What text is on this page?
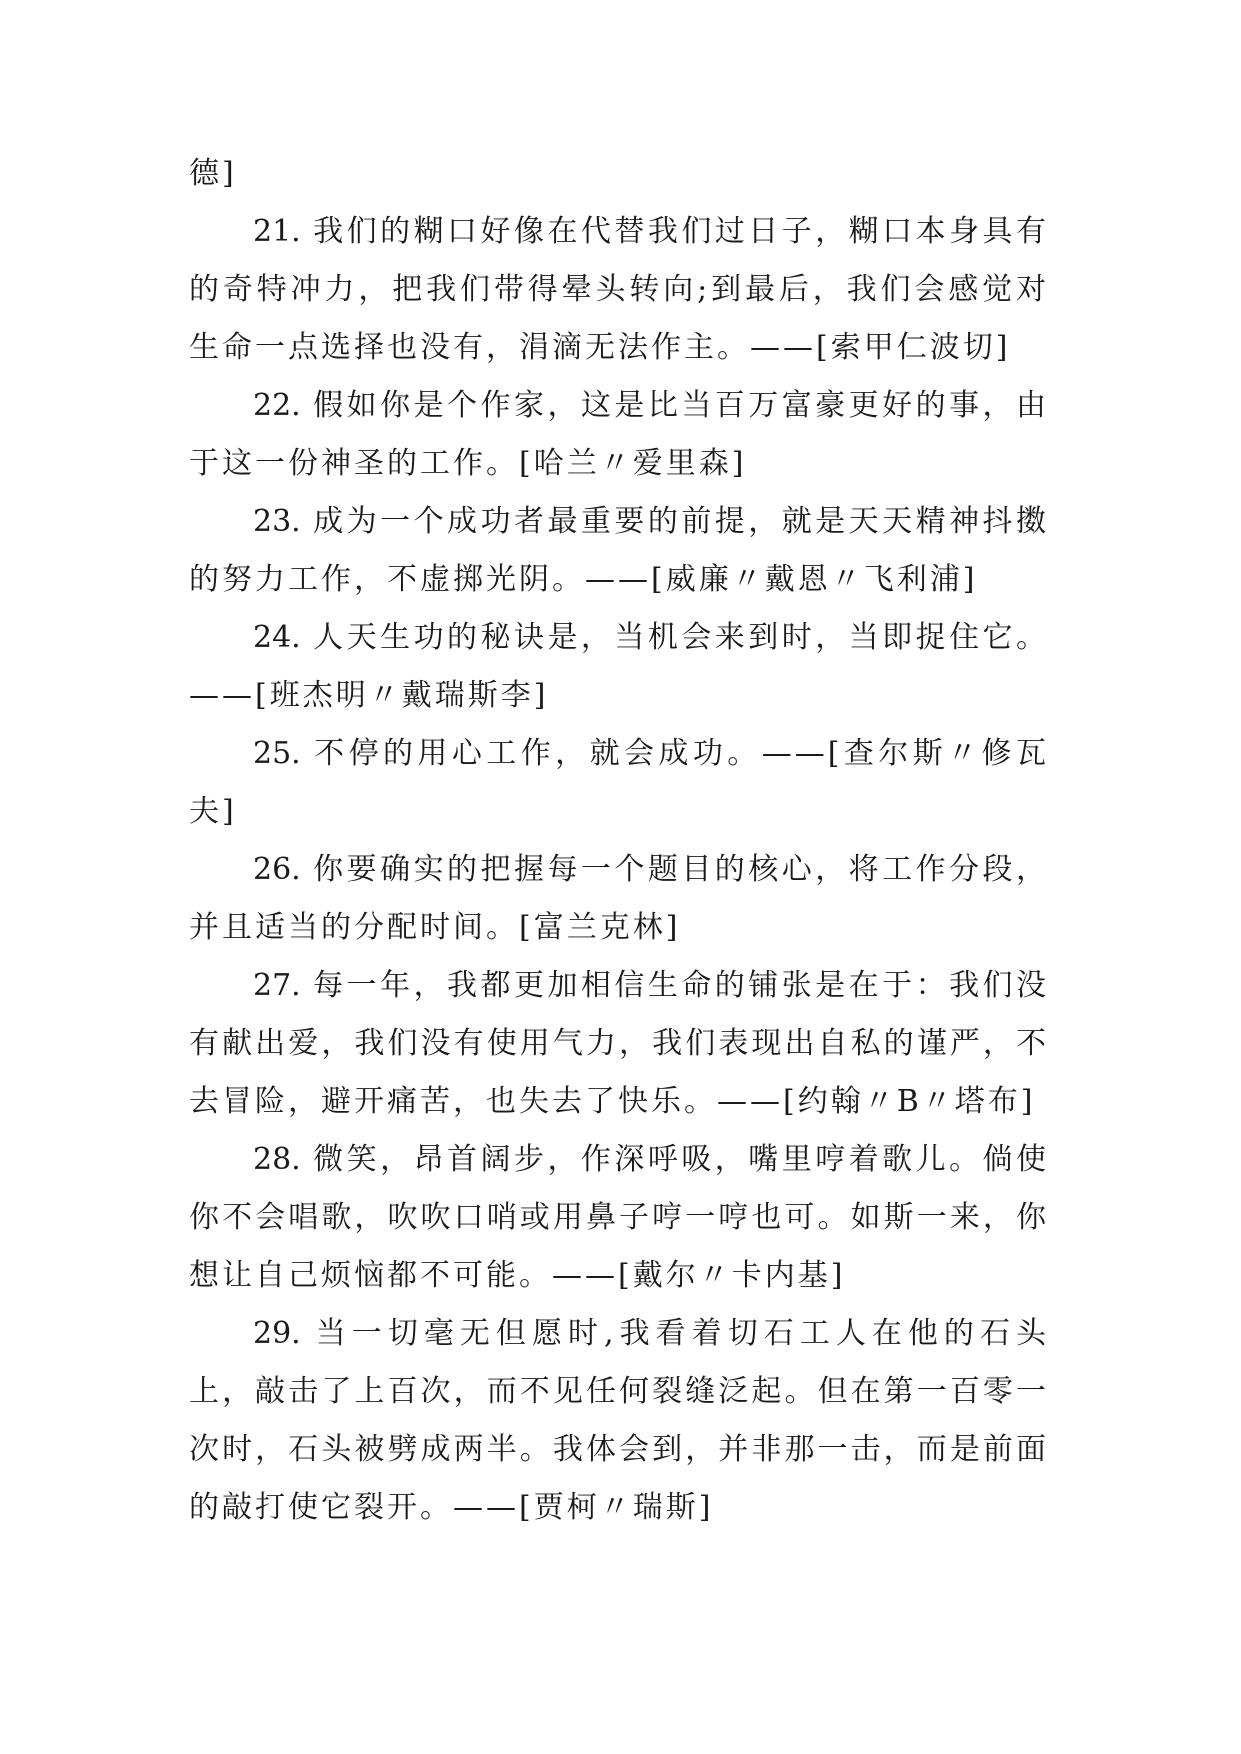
德]

21. 我们的糊口好像在代替我们过日子，糊口本身具有的奇特冲力，把我们带得晕头转向;到最后，我们会感觉对生命一点选择也没有，涓滴无法作主。——[索甲仁波切]

22. 假如你是个作家，这是比当百万富豪更好的事，由于这一份神圣的工作。[哈兰〃爱里森]

23. 成为一个成功者最重要的前提，就是天天精神抖擞的努力工作，不虚掷光阴。——[威廉〃戴恩〃飞利浦]

24. 人天生功的秘诀是，当机会来到时，当即捉住它。——[班杰明〃戴瑞斯李]

25. 不停的用心工作，就会成功。——[查尔斯〃修瓦夫]

26. 你要确实的把握每一个题目的核心，将工作分段，并且适当的分配时间。[富兰克林]

27. 每一年，我都更加相信生命的铺张是在于：我们没有献出爱，我们没有使用气力，我们表现出自私的谨严，不去冒险，避开痛苦，也失去了快乐。——[约翰〃B〃塔布]

28. 微笑，昂首阔步，作深呼吸，嘴里哼着歌儿。倘使你不会唱歌，吹吹口哨或用鼻子哼一哼也可。如斯一来，你想让自己烦恼都不可能。——[戴尔〃卡内基]

29. 当一切毫无但愿时,我看着切石工人在他的石头上，敲击了上百次，而不见任何裂缝泛起。但在第一百零一次时，石头被劈成两半。我体会到，并非那一击，而是前面的敲打使它裂开。——[贾柯〃瑞斯]
